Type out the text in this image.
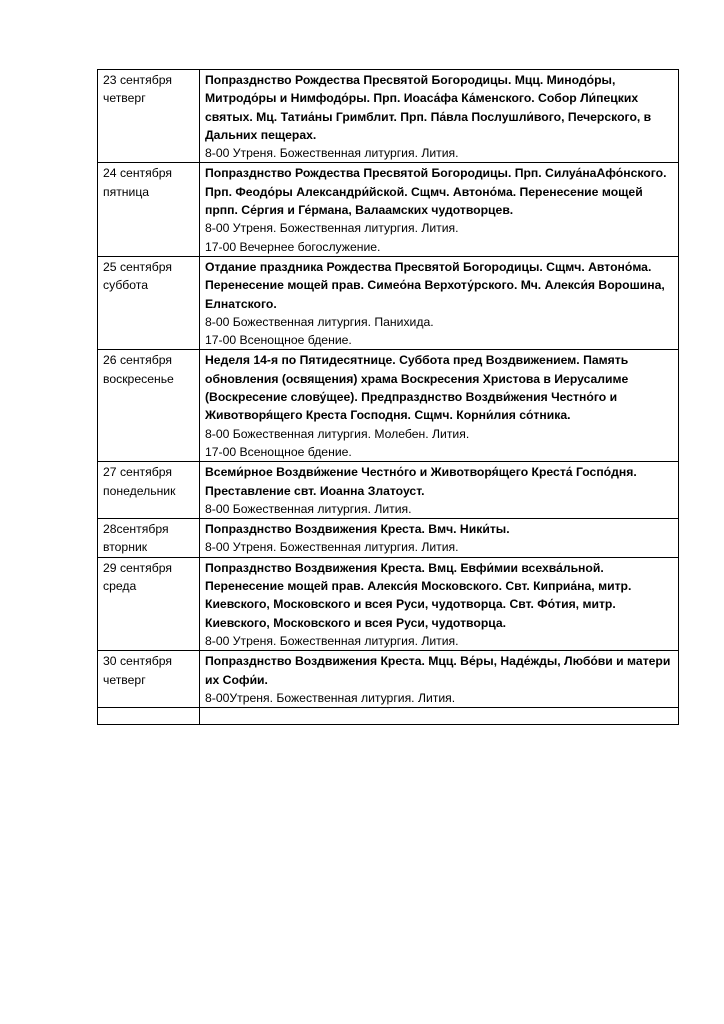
23 сентября
четверг	Попразднство Рождества Пресвятой Богородицы. Мцц. Минодо́ры, Митродо́ры и Нимфодо́ры. Прп. Иоаса́фа Ка́менского. Собор Ли́пецких святых. Мц. Татиа́ны Гримблит. Прп. Па́вла Послушли́вого, Печерского, в Дальних пещерах.
8-00 Утреня. Божественная литургия. Лития.

24 сентября
пятница	Попразднство Рождества Пресвятой Богородицы. Прп. Силуа́наАфо́нского. Прп. Феодо́ры Александри́йской. Сщмч. Автоно́ма. Перенесение мощей прпп. Се́ргия и Ге́рмана, Валаамских чудотворцев.
8-00 Утреня. Божественная литургия. Лития.
17-00 Вечернее богослужение.

25 сентября
суббота	Отдание праздника Рождества Пресвятой Богородицы. Сщмч. Автоно́ма. Перенесение мощей прав. Симео́на Верхоту́рского. Мч. Алекси́я Ворошина, Елнатского.
8-00 Божественная литургия. Панихида.
17-00 Всенощное бдение.

26 сентября
воскресенье	Неделя 14-я по Пятидесятнице. Суббота пред Воздвижением. Память обновления (освящения) храма Воскресения Христова в Иерусалиме (Воскресение слову́щее). Предпразднство Воздви́жения Честно́го и Животворя́щего Креста Господня. Сщмч. Корни́лия со́тника.
8-00 Божественная литургия. Молебен. Лития.
17-00 Всенощное бдение.

27 сентября
понедельник	Всеми́рное Воздви́жение Честно́го и Животворя́щего Креста́ Госпо́дня. Преставление свт. Иоанна Златоуст.
8-00 Божественная литургия. Лития.

28сентября
вторник	Попразднство Воздвижения Креста. Вмч. Ники́ты.
8-00 Утреня. Божественная литургия. Лития.

29 сентября
среда	Попразднство Воздвижения Креста. Вмц. Евфи́мии всехва́льной. Перенесение мощей прав. Алекси́я Московского. Свт. Киприа́на, митр. Киевского, Московского и всея Руси, чудотворца. Свт. Фо́тия, митр. Киевского, Московского и всея Руси, чудотворца.
8-00 Утреня. Божественная литургия. Лития.

30 сентября
четверг	Попразднство Воздвижения Креста. Мцц. Ве́ры, Наде́жды, Любо́ви и матери их Софи́и.
8-00Утреня. Божественная литургия. Лития.
